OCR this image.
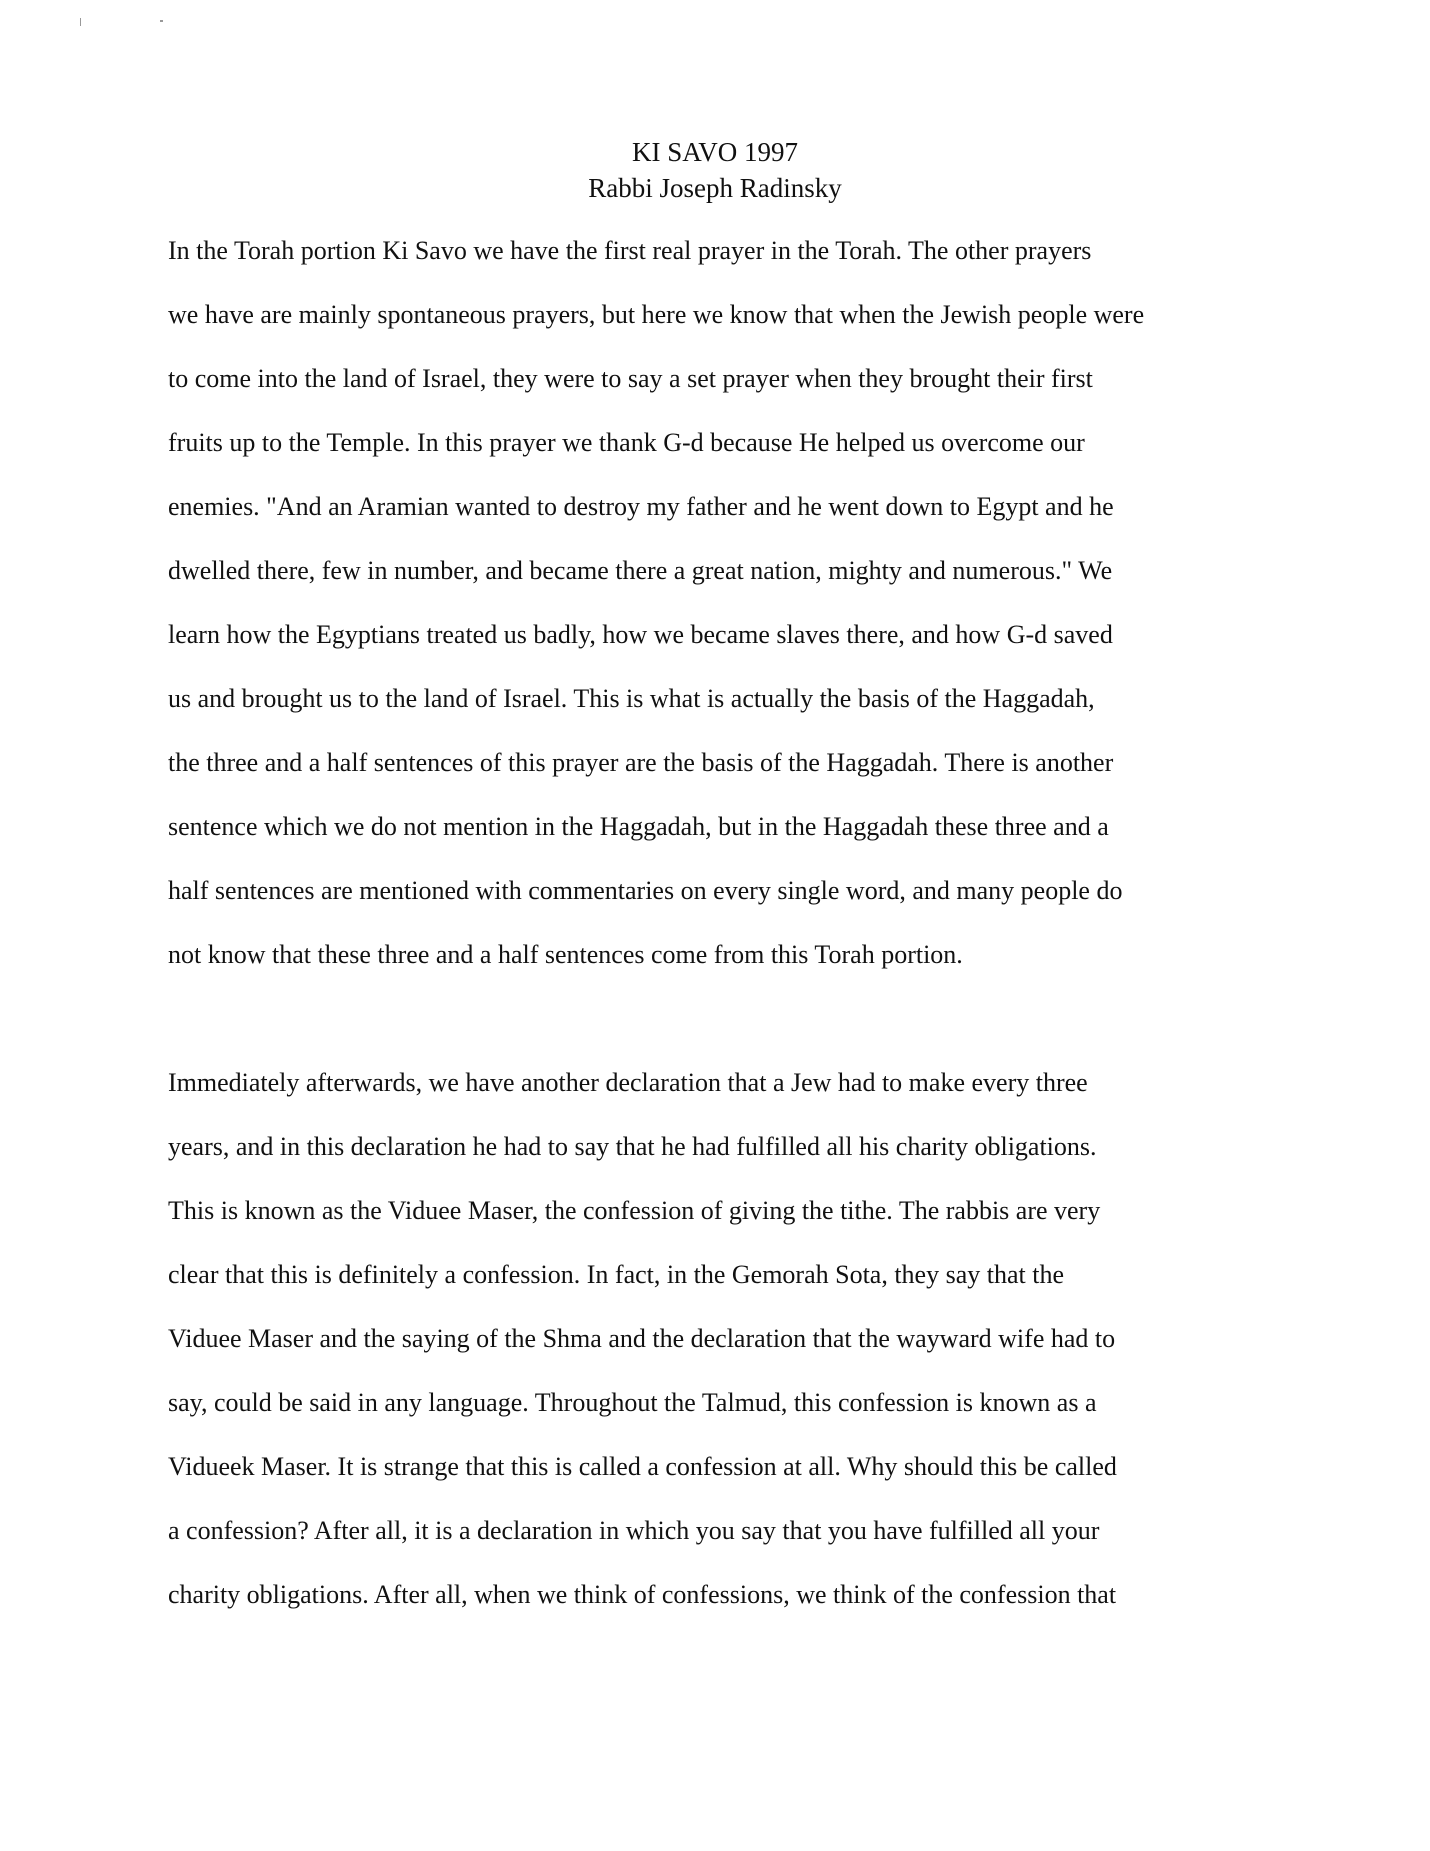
KI SAVO 1997
Rabbi Joseph Radinsky
In the Torah portion Ki Savo we have the first real prayer in the Torah. The other prayers
we have are mainly spontaneous prayers, but here we know that when the Jewish people were
to come into the land of Israel, they were to say a set prayer when they brought their first
fruits up to the Temple. In this prayer we thank G-d because He helped us overcome our
enemies. "And an Aramian wanted to destroy my father and he went down to Egypt and he
dwelled there, few in number, and became there a great nation, mighty and numerous." We
learn how the Egyptians treated us badly, how we became slaves there, and how G-d saved
us and brought us to the land of Israel. This is what is actually the basis of the Haggadah,
the three and a half sentences of this prayer are the basis of the Haggadah. There is another
sentence which we do not mention in the Haggadah, but in the Haggadah these three and a
half sentences are mentioned with commentaries on every single word, and many people do
not know that these three and a half sentences come from this Torah portion.
Immediately afterwards, we have another declaration that a Jew had to make every three
years, and in this declaration he had to say that he had fulfilled all his charity obligations.
This is known as the Viduee Maser, the confession of giving the tithe. The rabbis are very
clear that this is definitely a confession. In fact, in the Gemorah Sota, they say that the
Viduee Maser and the saying of the Shma and the declaration that the wayward wife had to
say, could be said in any language. Throughout the Talmud, this confession is known as a
Vidueek Maser. It is strange that this is called a confession at all. Why should this be called
a confession? After all, it is a declaration in which you say that you have fulfilled all your
charity obligations. After all, when we think of confessions, we think of the confession that
